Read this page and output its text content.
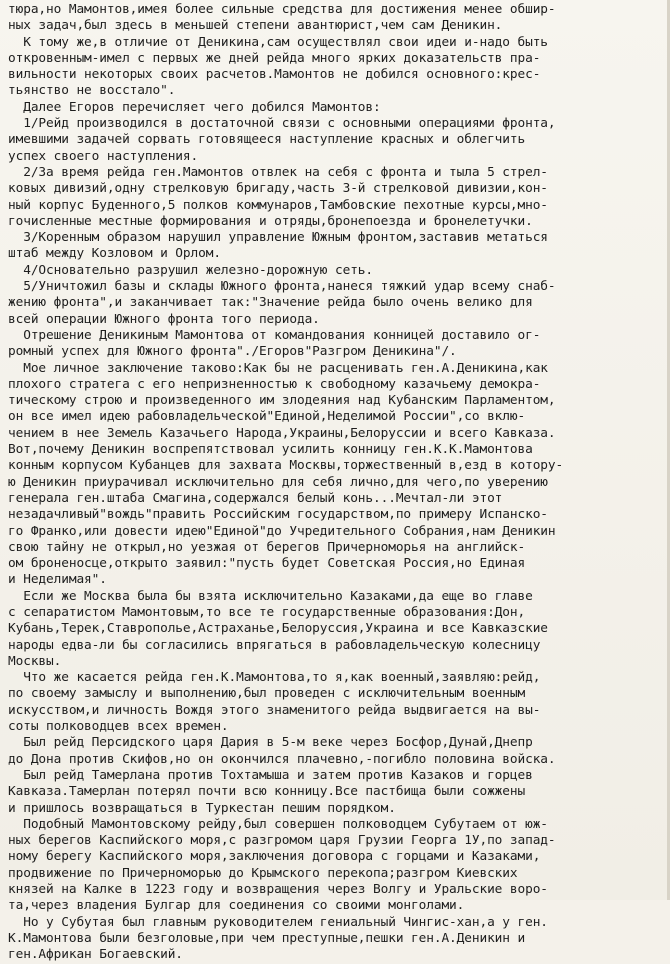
тюра,но Мамонтов,имея более сильные средства для достижения менее обшир-
ных задач,был здесь в меньшей степени авантюрист,чем сам Деникин.
К тому же,в отличие от Деникина,сам осуществлял свои идеи и-надо быть
откровенным-имел с первых же дней рейда много ярких доказательств пра-
вильности некоторых своих расчетов.Мамонтов не добился основного:крес-
тьянство не восстало".
Далее Егоров перечисляет чего добился Мамонтов:
1/Рейд производился в достаточной связи с основными операциями фронта,
имевшими задачей сорвать готовящееся наступление красных и облегчить
успех своего наступления.
2/За время рейда ген.Мамонтов отвлек на себя с фронта и тыла 5 стрел-
ковых дивизий,одну стрелковую бригаду,часть 3-й стрелковой дивизии,кон-
ный корпус Буденного,5 полков коммунаров,Тамбовские пехотные курсы,мно-
гочисленные местные формирования и отряды,бронепоезда и бронелетучки.
3/Коренным образом нарушил управление Южным фронтом,заставив метаться
штаб между Козловом и Орлом.
4/Основательно разрушил железно-дорожную сеть.
5/Уничтожил базы и склады Южного фронта,нанеся тяжкий удар всему снаб-
жению фронта",и заканчивает так:"Значение рейда было очень велико для
всей операции Южного фронта того периода.
Отрешение Деникиным Мамонтова от командования конницей доставило ог-
ромный успех для Южного фронта"./Егоров"Разгром Деникина"/.
Мое личное заключение таково:Как бы не расценивать ген.А.Деникина,как
плохого стратега с его непризненностью к свободному казачьему демокра-
тическому строю и произведенного им злодеяния над Кубанским Парламентом,
он все имел идею рабовладельческой"Единой,Неделимой России",со вклю-
чением в нее Земель Казачьего Народа,Украины,Белоруссии и всего Кавказа.
Вот,почему Деникин воспрепятствовал усилить конницу ген.К.К.Мамонтова
конным корпусом Кубанцев для захвата Москвы,торжественный в,езд в котору-
ю Деникин приурачивал исключительно для себя лично,для чего,по уверению
генерала ген.штаба Смагина,содержался белый конь...Мечтал-ли этот
незадачливый"вождь"править Российским государством,по примеру Испанско-
го Франко,или довести идею"Единой"до Учредительного Собрания,нам Деникин
свою тайну не открыл,но уезжая от берегов Причерноморья на английск-
ом броненосце,открыто заявил:"пусть будет Советская Россия,но Единая
и Неделимая".
Если же Москва была бы взята исключительно Казаками,да еще во главе
с сепаратистом Мамонтовым,то все те государственные образования:Дон,
Кубань,Терек,Ставрополье,Астраханье,Белоруссия,Украина и все Кавказские
народы едва-ли бы согласились впрягаться в рабовладельческую колесницу
Москвы.
Что же касается рейда ген.К.Мамонтова,то я,как военный,заявляю:рейд,
по своему замыслу и выполнению,был проведен с исключительным военным
искусством,и личность Вождя этого знаменитого рейда выдвигается на вы-
соты полководцев всех времен.
Был рейд Персидского царя Дария в 5-м веке через Босфор,Дунай,Днепр
до Дона против Скифов,но он окончился плачевно,-погибло половина войска.
Был рейд Тамерлана против Тохтамыша и затем против Казаков и горцев
Кавказа.Тамерлан потерял почти всю конницу.Все пастбища были сожжены
и пришлось возвращаться в Туркестан пешим порядком.
Подобный Мамонтовскому рейду,был совершен полководцем Субутаем от юж-
ных берегов Каспийского моря,с разгромом царя Грузии Георга 1У,по запад-
ному берегу Каспийского моря,заключения договора с горцами и Казаками,
продвижение по Причерноморью до Крымского перекопа;разгром Киевских
князей на Калке в 1223 году и возвращения через Волгу и Уральские воро-
та,через владения Булгар для соединения со своими монголами.
Но у Субутая был главным руководителем гениальный Чингис-хан,а у ген.
К.Мамонтова были безголовые,при чем преступные,пешки ген.А.Деникин и
ген.Африкан Богаевский.
